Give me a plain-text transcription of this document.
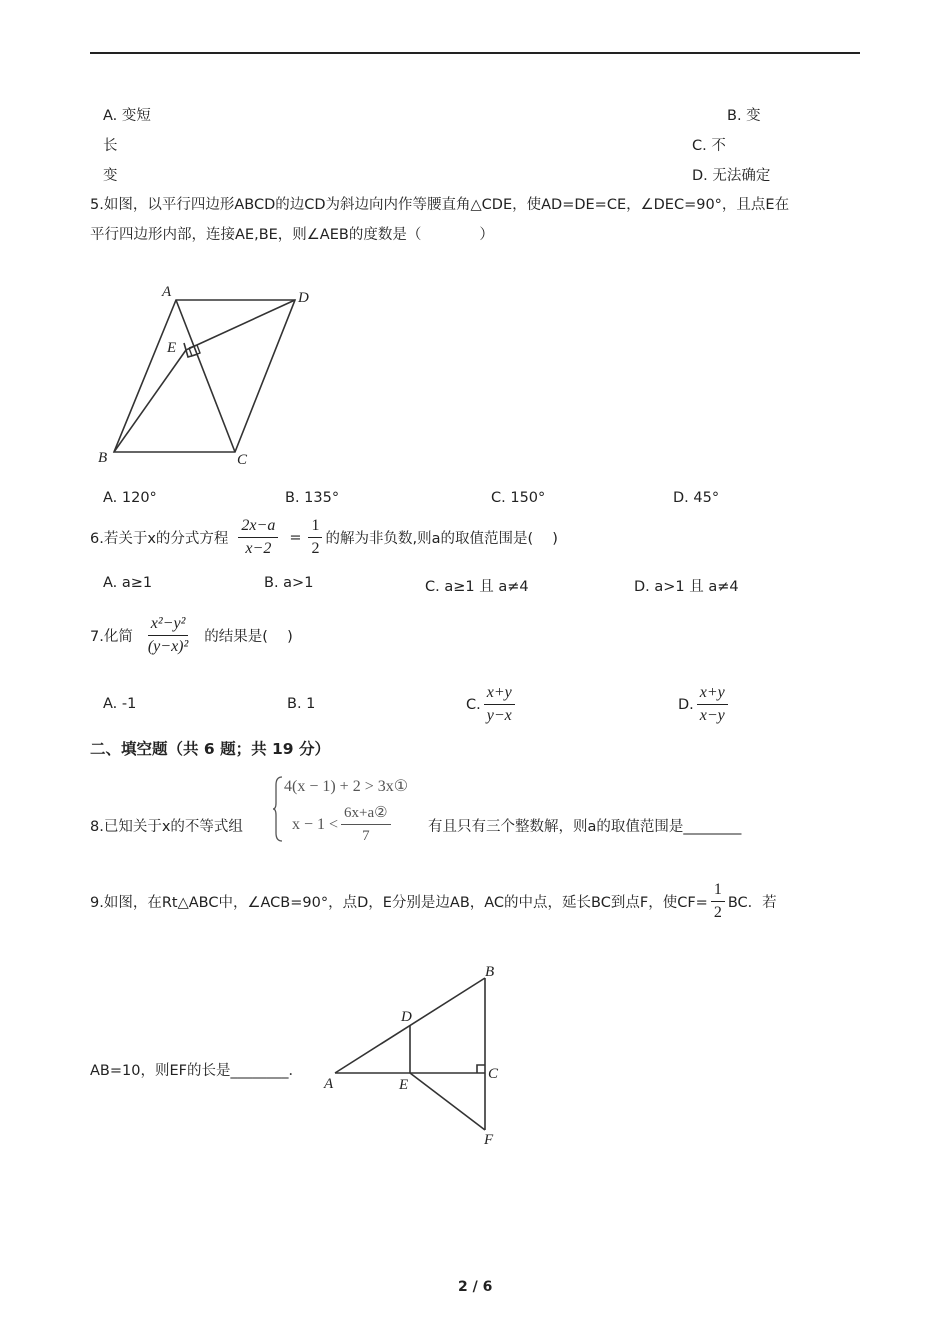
A. 变短	B. 变
长	C. 不
变	D. 无法确定
5.如图，以平行四边形ABCD的边CD为斜边向内作等腰直角△CDE，使AD=DE=CE，∠DEC=90°，且点E在
平行四边形内部，连接AE,BE，则∠AEB的度数是（　　　　）
A	D
E
B	C
A. 120°	B. 135°	C. 150°	D. 45°
6.若关于x的分式方程 $\frac{2x-a}{x-2} = \frac{1}{2}$ 的解为非负数,则a的取值范围是(　 )
A. a≥1	B. a>1	C. a≥1 且 a≠4	D. a>1 且 a≠4
7.化简 $\frac{\text{x²−y²}}{\text{(y−x)²}}$ 的结果是(　 )
A. -1	B. 1	C. $\frac{x+y}{y-x}$	D. $\frac{x+y}{x-y}$
二、填空题（共 6 题；共 19 分）
8.已知关于x的不等式组
4(x − 1) + 2 > 3x①
$x - 1 < \frac{\text{6x+a②}}{7}$	有且只有三个整数解，则a的取值范围是________
9.如图，在Rt△ABC中，∠ACB=90°，点D，E分别是边AB，AC的中点，延长BC到点F，使$CF= \frac{1}{2}$ BC．若
AB=10，则EF的长是________．
B
D
A	E
C
F
2 / 6
